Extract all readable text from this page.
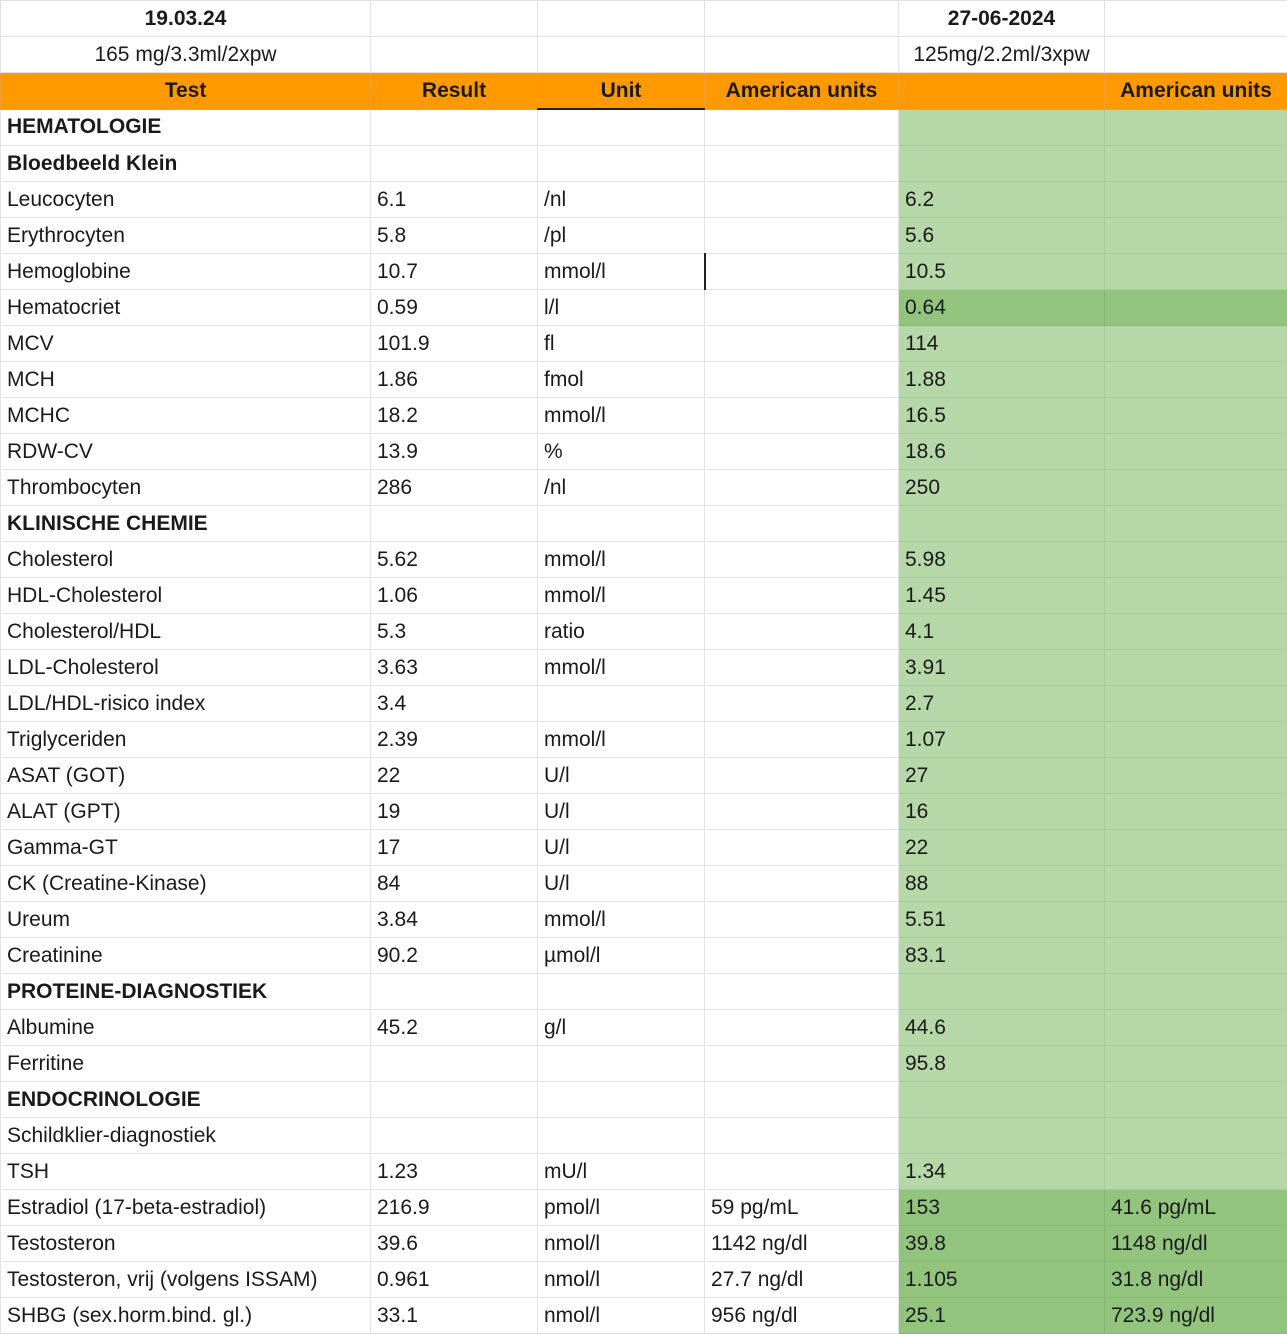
19.03.24				27-06-2024	
165 mg/3.3ml/2xpw				125mg/2.2ml/3xpw	
Test	Result	Unit	American units		American units
HEMATOLOGIE					
Bloedbeeld Klein					
Leucocyten	6.1	/nl		6.2	
Erythrocyten	5.8	/pl		5.6	
Hemoglobine	10.7	mmol/l		10.5	
Hematocriet	0.59	l/l		0.64	
MCV	101.9	fl		114	
MCH	1.86	fmol		1.88	
MCHC	18.2	mmol/l		16.5	
RDW-CV	13.9	%		18.6	
Thrombocyten	286	/nl		250	
KLINISCHE CHEMIE					
Cholesterol	5.62	mmol/l		5.98	
HDL-Cholesterol	1.06	mmol/l		1.45	
Cholesterol/HDL	5.3	ratio		4.1	
LDL-Cholesterol	3.63	mmol/l		3.91	
LDL/HDL-risico index	3.4			2.7	
Triglyceriden	2.39	mmol/l		1.07	
ASAT (GOT)	22	U/l		27	
ALAT (GPT)	19	U/l		16	
Gamma-GT	17	U/l		22	
CK (Creatine-Kinase)	84	U/l		88	
Ureum	3.84	mmol/l		5.51	
Creatinine	90.2	µmol/l		83.1	
PROTEINE-DIAGNOSTIEK					
Albumine	45.2	g/l		44.6	
Ferritine				95.8	
ENDOCRINOLOGIE					
Schildklier-diagnostiek					
TSH	1.23	mU/l		1.34	
Estradiol (17-beta-estradiol)	216.9	pmol/l	59 pg/mL	153	41.6 pg/mL
Testosteron	39.6	nmol/l	1142 ng/dl	39.8	1148 ng/dl
Testosteron, vrij (volgens ISSAM)	0.961	nmol/l	27.7 ng/dl	1.105	31.8 ng/dl
SHBG (sex.horm.bind. gl.)	33.1	nmol/l	956 ng/dl	25.1	723.9 ng/dl
